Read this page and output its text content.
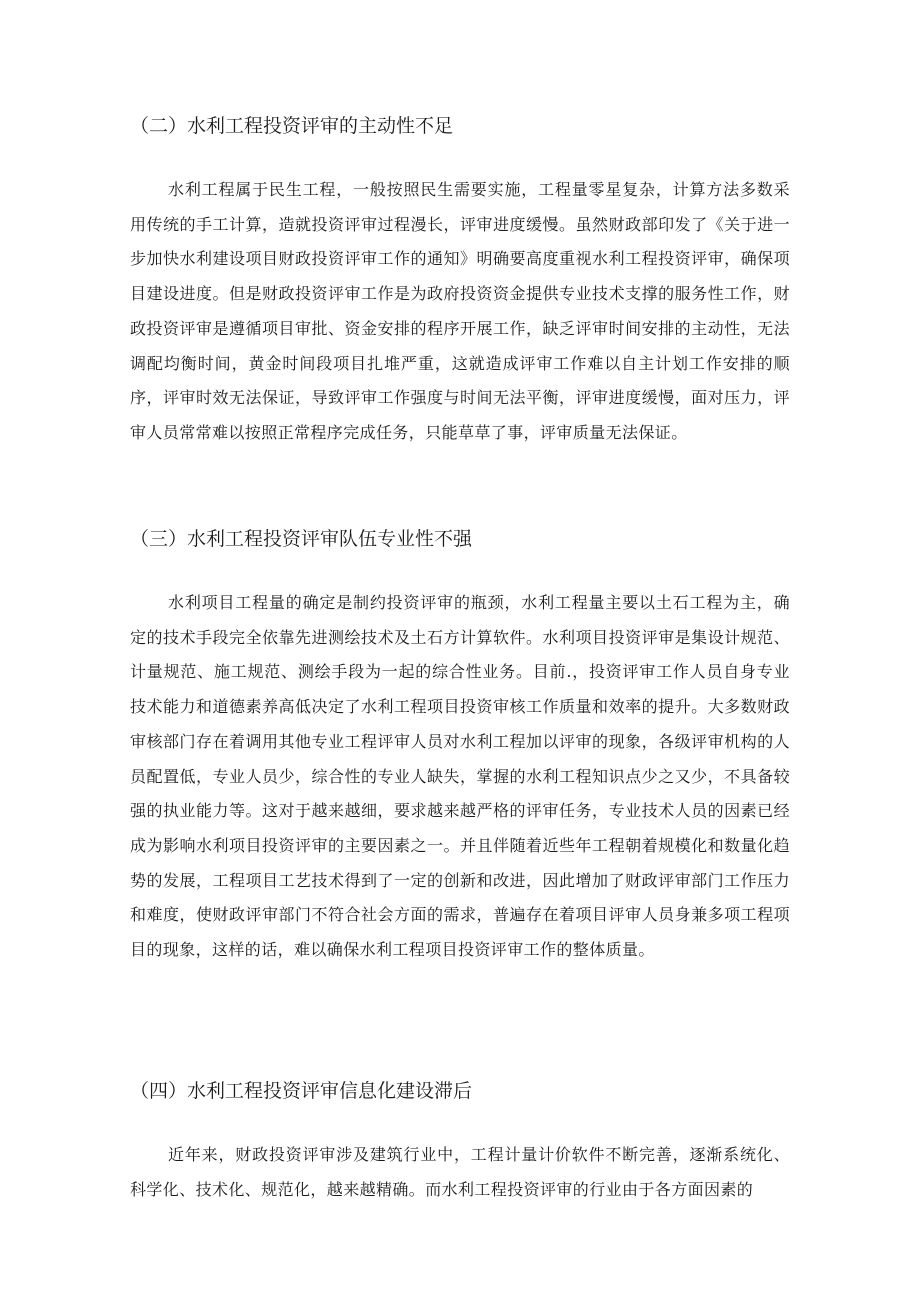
（二）水利工程投资评审的主动性不足

水利工程属于民生工程，一般按照民生需要实施，工程量零星复杂，计算方法多数采用传统的手工计算，造就投资评审过程漫长，评审进度缓慢。虽然财政部印发了《关于进一步加快水利建设项目财政投资评审工作的通知》明确要高度重视水利工程投资评审，确保项目建设进度。但是财政投资评审工作是为政府投资资金提供专业技术支撑的服务性工作，财政投资评审是遵循项目审批、资金安排的程序开展工作，缺乏评审时间安排的主动性，无法调配均衡时间，黄金时间段项目扎堆严重，这就造成评审工作难以自主计划工作安排的顺序，评审时效无法保证，导致评审工作强度与时间无法平衡，评审进度缓慢，面对压力，评审人员常常难以按照正常程序完成任务，只能草草了事，评审质量无法保证。

（三）水利工程投资评审队伍专业性不强

水利项目工程量的确定是制约投资评审的瓶颈，水利工程量主要以土石工程为主，确定的技术手段完全依靠先进测绘技术及土石方计算软件。水利项目投资评审是集设计规范、计量规范、施工规范、测绘手段为一起的综合性业务。目前.，投资评审工作人员自身专业技术能力和道德素养高低决定了水利工程项目投资审核工作质量和效率的提升。大多数财政审核部门存在着调用其他专业工程评审人员对水利工程加以评审的现象，各级评审机构的人员配置低，专业人员少，综合性的专业人缺失，掌握的水利工程知识点少之又少，不具备较强的执业能力等。这对于越来越细，要求越来越严格的评审任务，专业技术人员的因素已经成为影响水利项目投资评审的主要因素之一。并且伴随着近些年工程朝着规模化和数量化趋势的发展，工程项目工艺技术得到了一定的创新和改进，因此增加了财政评审部门工作压力和难度，使财政评审部门不符合社会方面的需求，普遍存在着项目评审人员身兼多项工程项目的现象，这样的话，难以确保水利工程项目投资评审工作的整体质量。

（四）水利工程投资评审信息化建设滞后

近年来，财政投资评审涉及建筑行业中，工程计量计价软件不断完善，逐渐系统化、科学化、技术化、规范化，越来越精确。而水利工程投资评审的行业由于各方面因素的
